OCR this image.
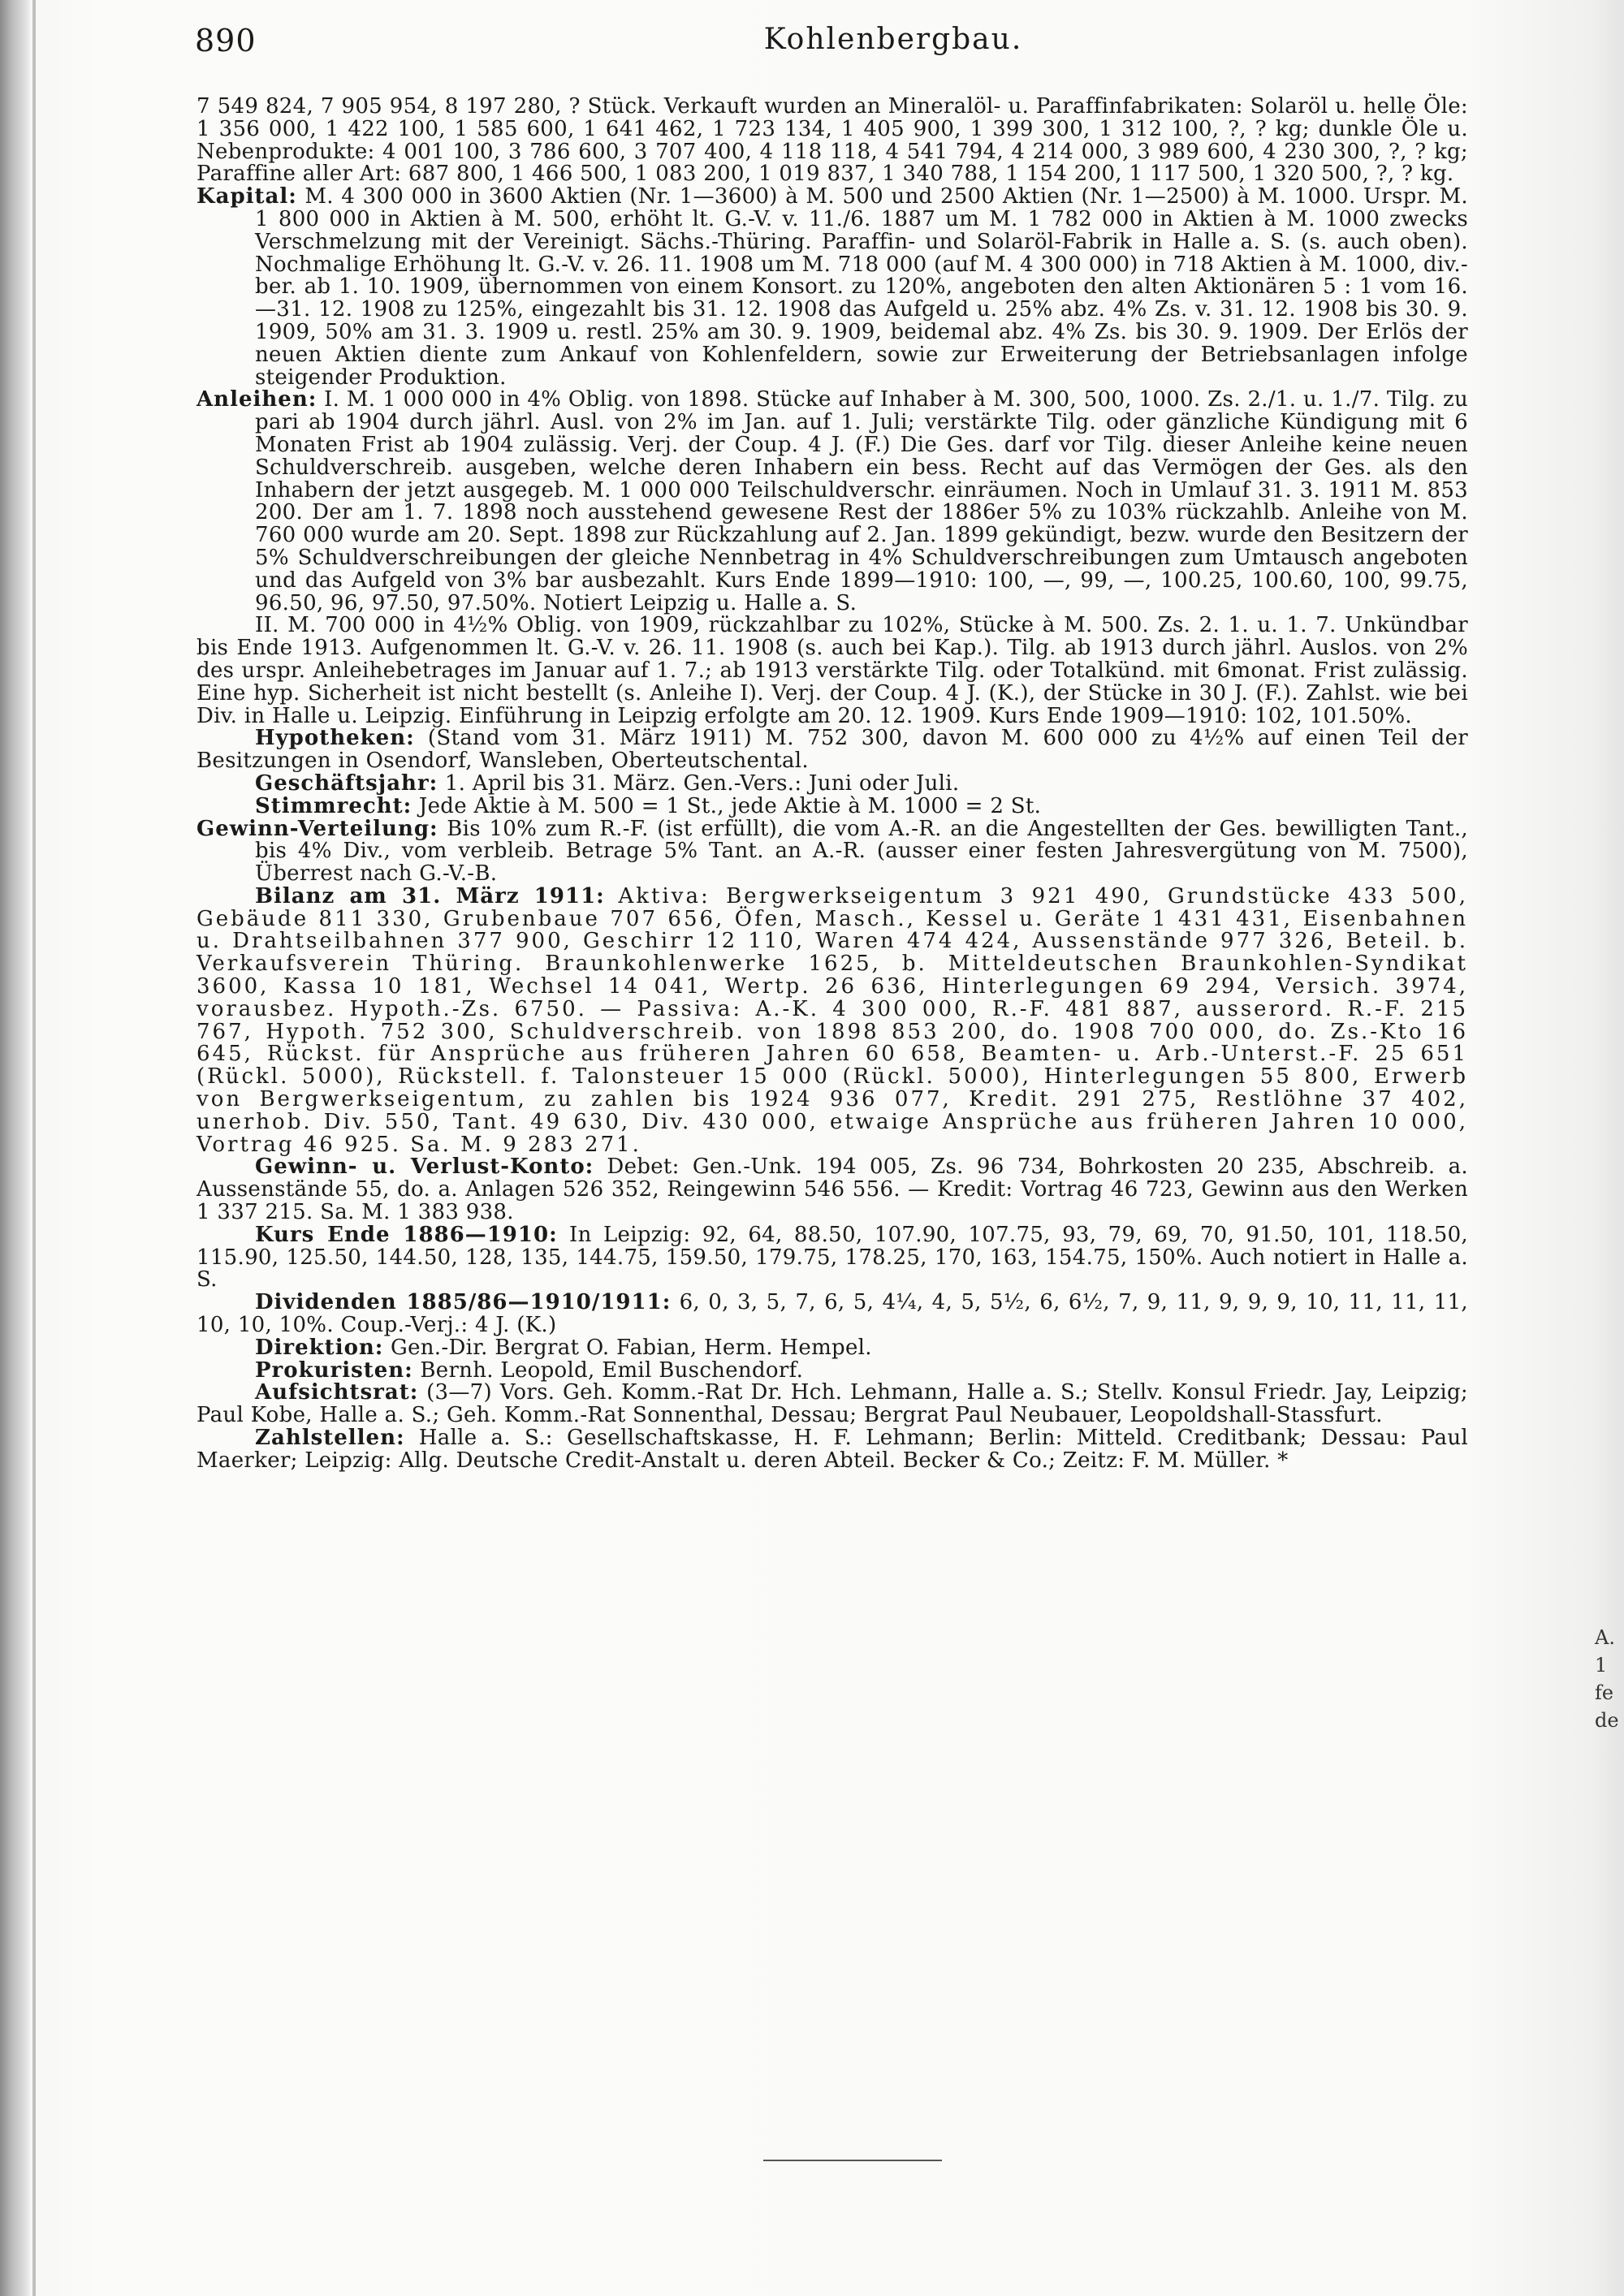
890	Kohlenbergbau.

7 549 824, 7 905 954, 8 197 280, ? Stück. Verkauft wurden an Mineralöl- u. Paraffinfabrikaten: Solaröl u. helle Öle: 1 356 000, 1 422 100, 1 585 600, 1 641 462, 1 723 134, 1 405 900, 1 399 300, 1 312 100, ?, ? kg; dunkle Öle u. Nebenprodukte: 4 001 100, 3 786 600, 3 707 400, 4 118 118, 4 541 794, 4 214 000, 3 989 600, 4 230 300, ?, ? kg; Paraffine aller Art: 687 800, 1 466 500, 1 083 200, 1 019 837, 1 340 788, 1 154 200, 1 117 500, 1 320 500, ?, ? kg.

Kapital: M. 4 300 000 in 3600 Aktien (Nr. 1—3600) à M. 500 und 2500 Aktien (Nr. 1—2500) à M. 1000. Urspr. M. 1 800 000 in Aktien à M. 500, erhöht lt. G.-V. v. 11./6. 1887 um M. 1 782 000 in Aktien à M. 1000 zwecks Verschmelzung mit der Vereinigt. Sächs.-Thüring. Paraffin- und Solaröl-Fabrik in Halle a. S. (s. auch oben). Nochmalige Erhöhung lt. G.-V. v. 26. 11. 1908 um M. 718 000 (auf M. 4 300 000) in 718 Aktien à M. 1000, div.-ber. ab 1. 10. 1909, übernommen von einem Konsort. zu 120%, angeboten den alten Aktionären 5 : 1 vom 16.—31. 12. 1908 zu 125%, eingezahlt bis 31. 12. 1908 das Aufgeld u. 25% abz. 4% Zs. v. 31. 12. 1908 bis 30. 9. 1909, 50% am 31. 3. 1909 u. restl. 25% am 30. 9. 1909, beidemal abz. 4% Zs. bis 30. 9. 1909. Der Erlös der neuen Aktien diente zum Ankauf von Kohlenfeldern, sowie zur Erweiterung der Betriebsanlagen infolge steigender Produktion.

Anleihen: I. M. 1 000 000 in 4% Oblig. von 1898. Stücke auf Inhaber à M. 300, 500, 1000. Zs. 2./1. u. 1./7. Tilg. zu pari ab 1904 durch jährl. Ausl. von 2% im Jan. auf 1. Juli; verstärkte Tilg. oder gänzliche Kündigung mit 6 Monaten Frist ab 1904 zulässig. Verj. der Coup. 4 J. (F.) Die Ges. darf vor Tilg. dieser Anleihe keine neuen Schuldverschreib. ausgeben, welche deren Inhabern ein bess. Recht auf das Vermögen der Ges. als den Inhabern der jetzt ausgegeb. M. 1 000 000 Teilschuldverschr. einräumen. Noch in Umlauf 31. 3. 1911 M. 853 200. Der am 1. 7. 1898 noch ausstehend gewesene Rest der 1886er 5% zu 103% rückzahlb. Anleihe von M. 760 000 wurde am 20. Sept. 1898 zur Rückzahlung auf 2. Jan. 1899 gekündigt, bezw. wurde den Besitzern der 5% Schuldverschreibungen der gleiche Nennbetrag in 4% Schuldverschreibungen zum Umtausch angeboten und das Aufgeld von 3% bar ausbezahlt. Kurs Ende 1899—1910: 100, —, 99, —, 100.25, 100.60, 100, 99.75, 96.50, 96, 97.50, 97.50%. Notiert Leipzig u. Halle a. S.

II. M. 700 000 in 4½% Oblig. von 1909, rückzahlbar zu 102%, Stücke à M. 500. Zs. 2. 1. u. 1. 7. Unkündbar bis Ende 1913. Aufgenommen lt. G.-V. v. 26. 11. 1908 (s. auch bei Kap.). Tilg. ab 1913 durch jährl. Auslos. von 2% des urspr. Anleihebetrages im Januar auf 1. 7.; ab 1913 verstärkte Tilg. oder Totalkünd. mit 6monat. Frist zulässig. Eine hyp. Sicherheit ist nicht bestellt (s. Anleihe I). Verj. der Coup. 4 J. (K.), der Stücke in 30 J. (F.). Zahlst. wie bei Div. in Halle u. Leipzig. Einführung in Leipzig erfolgte am 20. 12. 1909. Kurs Ende 1909—1910: 102, 101.50%.

Hypotheken: (Stand vom 31. März 1911) M. 752 300, davon M. 600 000 zu 4½% auf einen Teil der Besitzungen in Osendorf, Wansleben, Oberteutschental.

Geschäftsjahr: 1. April bis 31. März. Gen.-Vers.: Juni oder Juli.

Stimmrecht: Jede Aktie à M. 500 = 1 St., jede Aktie à M. 1000 = 2 St.

Gewinn-Verteilung: Bis 10% zum R.-F. (ist erfüllt), die vom A.-R. an die Angestellten der Ges. bewilligten Tant., bis 4% Div., vom verbleib. Betrage 5% Tant. an A.-R. (ausser einer festen Jahresvergütung von M. 7500), Überrest nach G.-V.-B.

Bilanz am 31. März 1911: Aktiva: Bergwerkseigentum 3 921 490, Grundstücke 433 500, Gebäude 811 330, Grubenbaue 707 656, Öfen, Masch., Kessel u. Geräte 1 431 431, Eisenbahnen u. Drahtseilbahnen 377 900, Geschirr 12 110, Waren 474 424, Aussenstände 977 326, Beteil. b. Verkaufsverein Thüring. Braunkohlenwerke 1625, b. Mitteldeutschen Braunkohlen-Syndikat 3600, Kassa 10 181, Wechsel 14 041, Wertp. 26 636, Hinterlegungen 69 294, Versich. 3974, vorausbez. Hypoth.-Zs. 6750. — Passiva: A.-K. 4 300 000, R.-F. 481 887, ausserord. R.-F. 215 767, Hypoth. 752 300, Schuldverschreib. von 1898 853 200, do. 1908 700 000, do. Zs.-Kto 16 645, Rückst. für Ansprüche aus früheren Jahren 60 658, Beamten- u. Arb.-Unterst.-F. 25 651 (Rückl. 5000), Rückstell. f. Talonsteuer 15 000 (Rückl. 5000), Hinterlegungen 55 800, Erwerb von Bergwerkseigentum, zu zahlen bis 1924 936 077, Kredit. 291 275, Restlöhne 37 402, unerhob. Div. 550, Tant. 49 630, Div. 430 000, etwaige Ansprüche aus früheren Jahren 10 000, Vortrag 46 925. Sa. M. 9 283 271.

Gewinn- u. Verlust-Konto: Debet: Gen.-Unk. 194 005, Zs. 96 734, Bohrkosten 20 235, Abschreib. a. Aussenstände 55, do. a. Anlagen 526 352, Reingewinn 546 556. — Kredit: Vortrag 46 723, Gewinn aus den Werken 1 337 215. Sa. M. 1 383 938.

Kurs Ende 1886—1910: In Leipzig: 92, 64, 88.50, 107.90, 107.75, 93, 79, 69, 70, 91.50, 101, 118.50, 115.90, 125.50, 144.50, 128, 135, 144.75, 159.50, 179.75, 178.25, 170, 163, 154.75, 150%. Auch notiert in Halle a. S.

Dividenden 1885/86—1910/1911: 6, 0, 3, 5, 7, 6, 5, 4¼, 4, 5, 5½, 6, 6½, 7, 9, 11, 9, 9, 9, 10, 11, 11, 11, 10, 10, 10%. Coup.-Verj.: 4 J. (K.)

Direktion: Gen.-Dir. Bergrat O. Fabian, Herm. Hempel.

Prokuristen: Bernh. Leopold, Emil Buschendorf.

Aufsichtsrat: (3—7) Vors. Geh. Komm.-Rat Dr. Hch. Lehmann, Halle a. S.; Stellv. Konsul Friedr. Jay, Leipzig; Paul Kobe, Halle a. S.; Geh. Komm.-Rat Sonnenthal, Dessau; Bergrat Paul Neubauer, Leopoldshall-Stassfurt.

Zahlstellen: Halle a. S.: Gesellschaftskasse, H. F. Lehmann; Berlin: Mitteld. Creditbank; Dessau: Paul Maerker; Leipzig: Allg. Deutsche Credit-Anstalt u. deren Abteil. Becker & Co.; Zeitz: F. M. Müller. *

A.
1
fe
de
